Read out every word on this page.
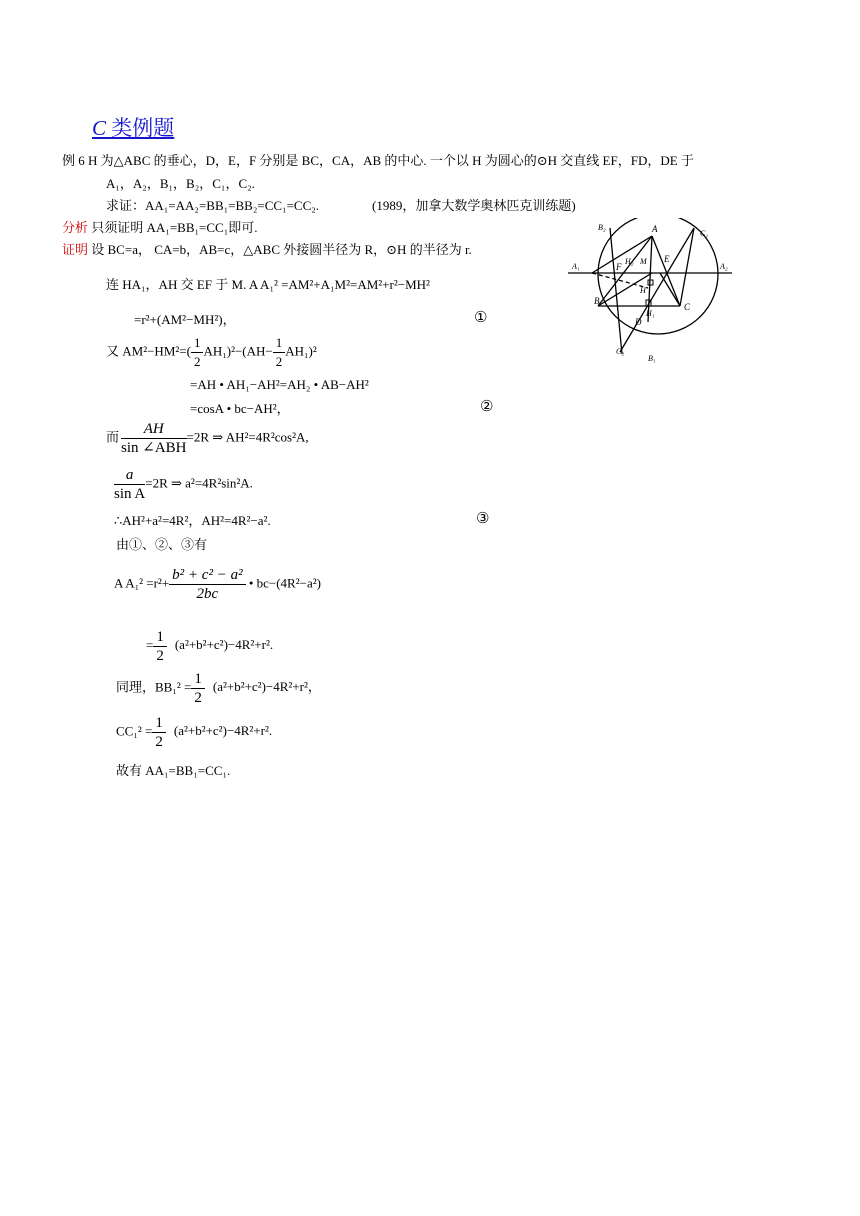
C 类例题
例 6 H 为△ABC 的垂心，D，E，F 分别是 BC，CA，AB 的中心. 一个以 H 为圆心的⊙H 交直线 EF，FD，DE 于
A₁，A₂，B₁，B₂，C₁，C₂.
求证：AA₁=AA₂=BB₁=BB₂=CC₁=CC₂.	(1989，加拿大数学奥林匹克训练题)
分析 只须证明 AA₁=BB₁=CC₁即可.
证明 设 BC=a， CA=b，AB=c，△ABC 外接圆半径为 R，⊙H 的半径为 r.
连 HA₁，AH 交 EF 于 M. A A₁² =AM²+A₁M²=AM²+r²−MH²
=r²+(AM²−MH²)，	①
又 $AM^2-HM^2=( \frac{1}{2} AH_1)^2-(AH- \frac{1}{2} AH_1)^2$
=AH • AH₁−AH²=AH₂ • AB−AH²
=cosA • bc−AH²，	②
而	AH
sin ∠ABH
=2R ⇒ AH²=4R²cos²A,
$\frac{a}{\text{sin A}} =2R$ ⇒ a²=4R²sin²A.
∴AH²+a²=4R²，AH²=4R²−a².	③
由①、②、③有
A $A_1^2 =r^2+ \frac{\text{b² + c² − a²}}{2bc}$ • bc−(4R²−a²)
= $\frac{1}{2} (a^2+b^2+c^2)-4R^2+r^2$.
同理，$BB_1^2 = \frac{1}{2} (a^2+b^2+c^2)-4R^2+r^2$，
$CC_1^2 = \frac{1}{2} (a^2+b^2+c^2)-4R^2+r^2$.
故有 AA₁=BB₁=CC₁.
A
B
C
D
E
F
H
H₁
H₂ M
A₁	A₂
B₁
B₂
C₁
C₂
